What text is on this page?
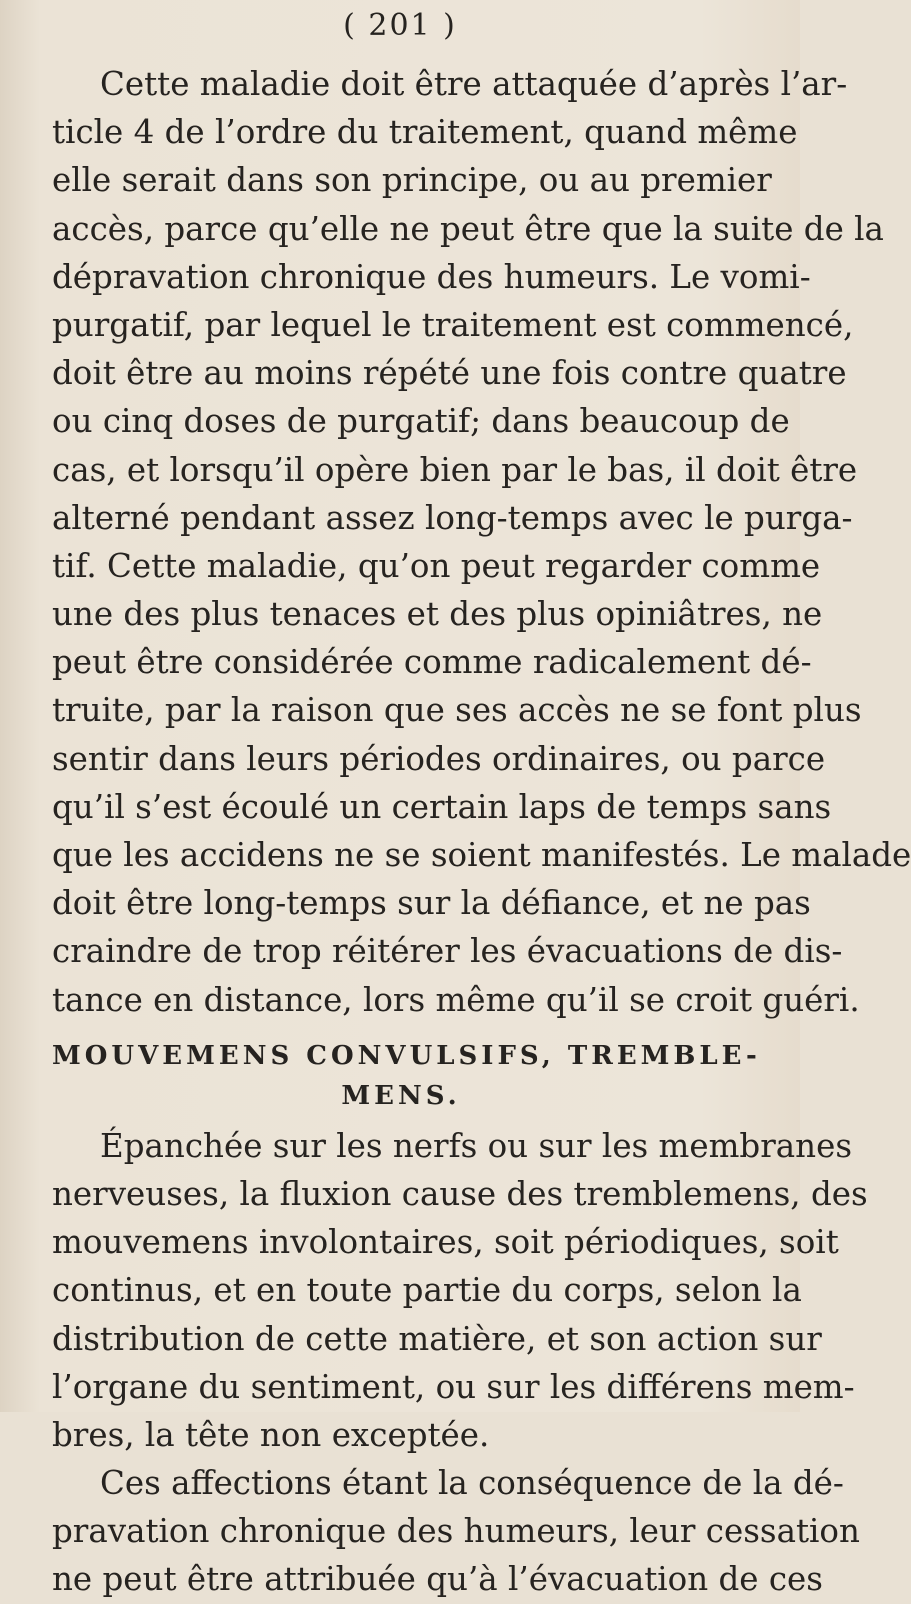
( 201 )
Cette maladie doit être attaquée d’après l’ar-
ticle 4 de l’ordre du traitement, quand même
elle serait dans son principe, ou au premier
accès, parce qu’elle ne peut être que la suite de la
dépravation chronique des humeurs. Le vomi-
purgatif, par lequel le traitement est commencé,
doit être au moins répété une fois contre quatre
ou cinq doses de purgatif; dans beaucoup de
cas, et lorsqu’il opère bien par le bas, il doit être
alterné pendant assez long-temps avec le purga-
tif. Cette maladie, qu’on peut regarder comme
une des plus tenaces et des plus opiniâtres, ne
peut être considérée comme radicalement dé-
truite, par la raison que ses accès ne se font plus
sentir dans leurs périodes ordinaires, ou parce
qu’il s’est écoulé un certain laps de temps sans
que les accidens ne se soient manifestés. Le malade
doit être long-temps sur la défiance, et ne pas
craindre de trop réitérer les évacuations de dis-
tance en distance, lors même qu’il se croit guéri.
MOUVEMENS CONVULSIFS, TREMBLE-
MENS.
Épanchée sur les nerfs ou sur les membranes
nerveuses, la fluxion cause des tremblemens, des
mouvemens involontaires, soit périodiques, soit
continus, et en toute partie du corps, selon la
distribution de cette matière, et son action sur
l’organe du sentiment, ou sur les différens mem-
bres, la tête non exceptée.
Ces affections étant la conséquence de la dé-
pravation chronique des humeurs, leur cessation
ne peut être attribuée qu’à l’évacuation de ces
